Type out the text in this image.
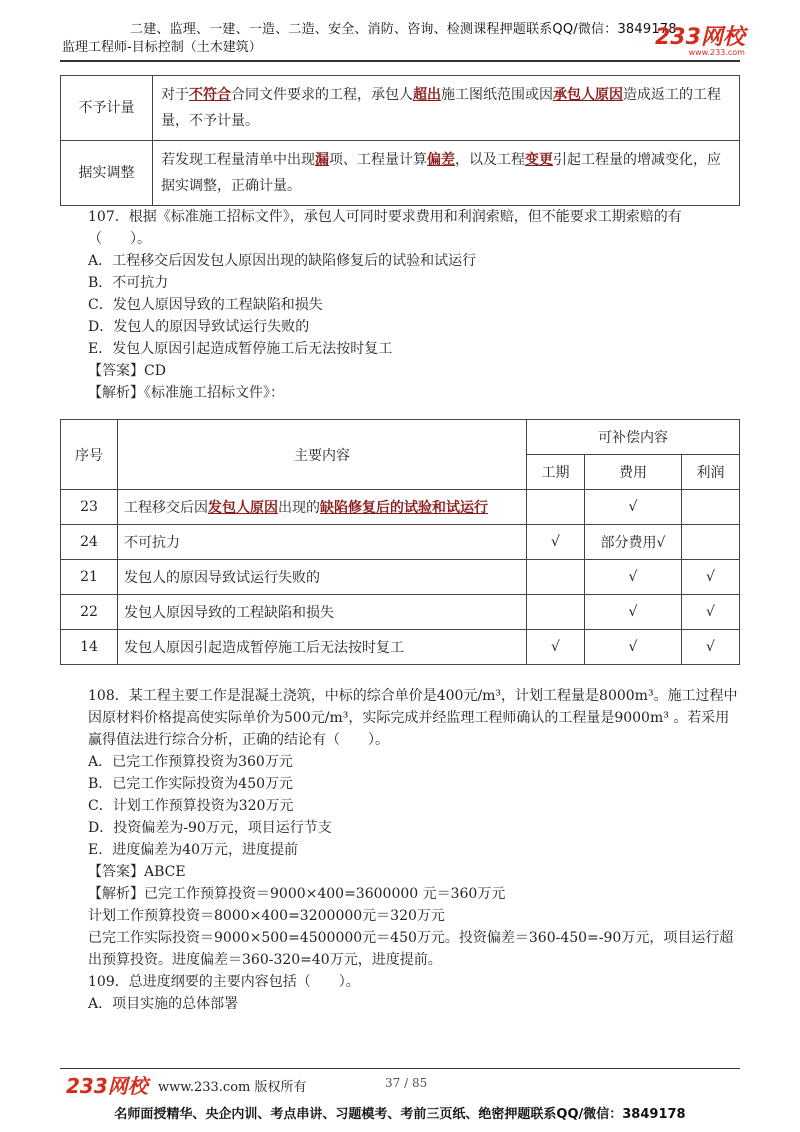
二建、监理、一建、一造、二造、安全、消防、咨询、检测课程押题联系QQ/微信：3849178
监理工程师-目标控制（土木建筑）	233网校
www.233.com
不予计量	对于不符合合同文件要求的工程，承包人超出施工图纸范围或因承包人原因造成返工的工程量，不予计量。
据实调整	若发现工程量清单中出现漏项、工程量计算偏差，以及工程变更引起工程量的增减变化，应据实调整，正确计量。
107．根据《标准施工招标文件》，承包人可同时要求费用和利润索赔，但不能要求工期索赔的有（　　）。
A．工程移交后因发包人原因出现的缺陷修复后的试验和试运行
B．不可抗力
C．发包人原因导致的工程缺陷和损失
D．发包人的原因导致试运行失败的
E．发包人原因引起造成暂停施工后无法按时复工
【答案】CD
【解析】《标准施工招标文件》：
序号	主要内容	可补偿内容		
		工期	费用	利润
23	工程移交后因发包人原因出现的缺陷修复后的试验和试运行		√	
24	不可抗力	√	部分费用√	
21	发包人的原因导致试运行失败的		√	√
22	发包人原因导致的工程缺陷和损失		√	√
14	发包人原因引起造成暂停施工后无法按时复工	√	√	√
108．某工程主要工作是混凝土浇筑，中标的综合单价是400元/m³，计划工程量是8000m³。施工过程中因原材料价格提高使实际单价为500元/m³，实际完成并经监理工程师确认的工程量是9000m³ 。若采用赢得值法进行综合分析，正确的结论有（　　）。
A．已完工作预算投资为360万元
B．已完工作实际投资为450万元
C．计划工作预算投资为320万元
D．投资偏差为-90万元，项目运行节支
E．进度偏差为40万元，进度提前
【答案】ABCE
【解析】已完工作预算投资＝9000×400=3600000 元＝360万元
计划工作预算投资＝8000×400=3200000元＝320万元
已完工作实际投资＝9000×500=4500000元＝450万元。投资偏差＝360-450=-90万元，项目运行超出预算投资。进度偏差＝360-320=40万元，进度提前。
109．总进度纲要的主要内容包括（　　）。
A．项目实施的总体部署
233网校 www.233.com 版权所有	37 / 85
名师面授精华、央企内训、考点串讲、习题模考、考前三页纸、绝密押题联系QQ/微信：3849178
